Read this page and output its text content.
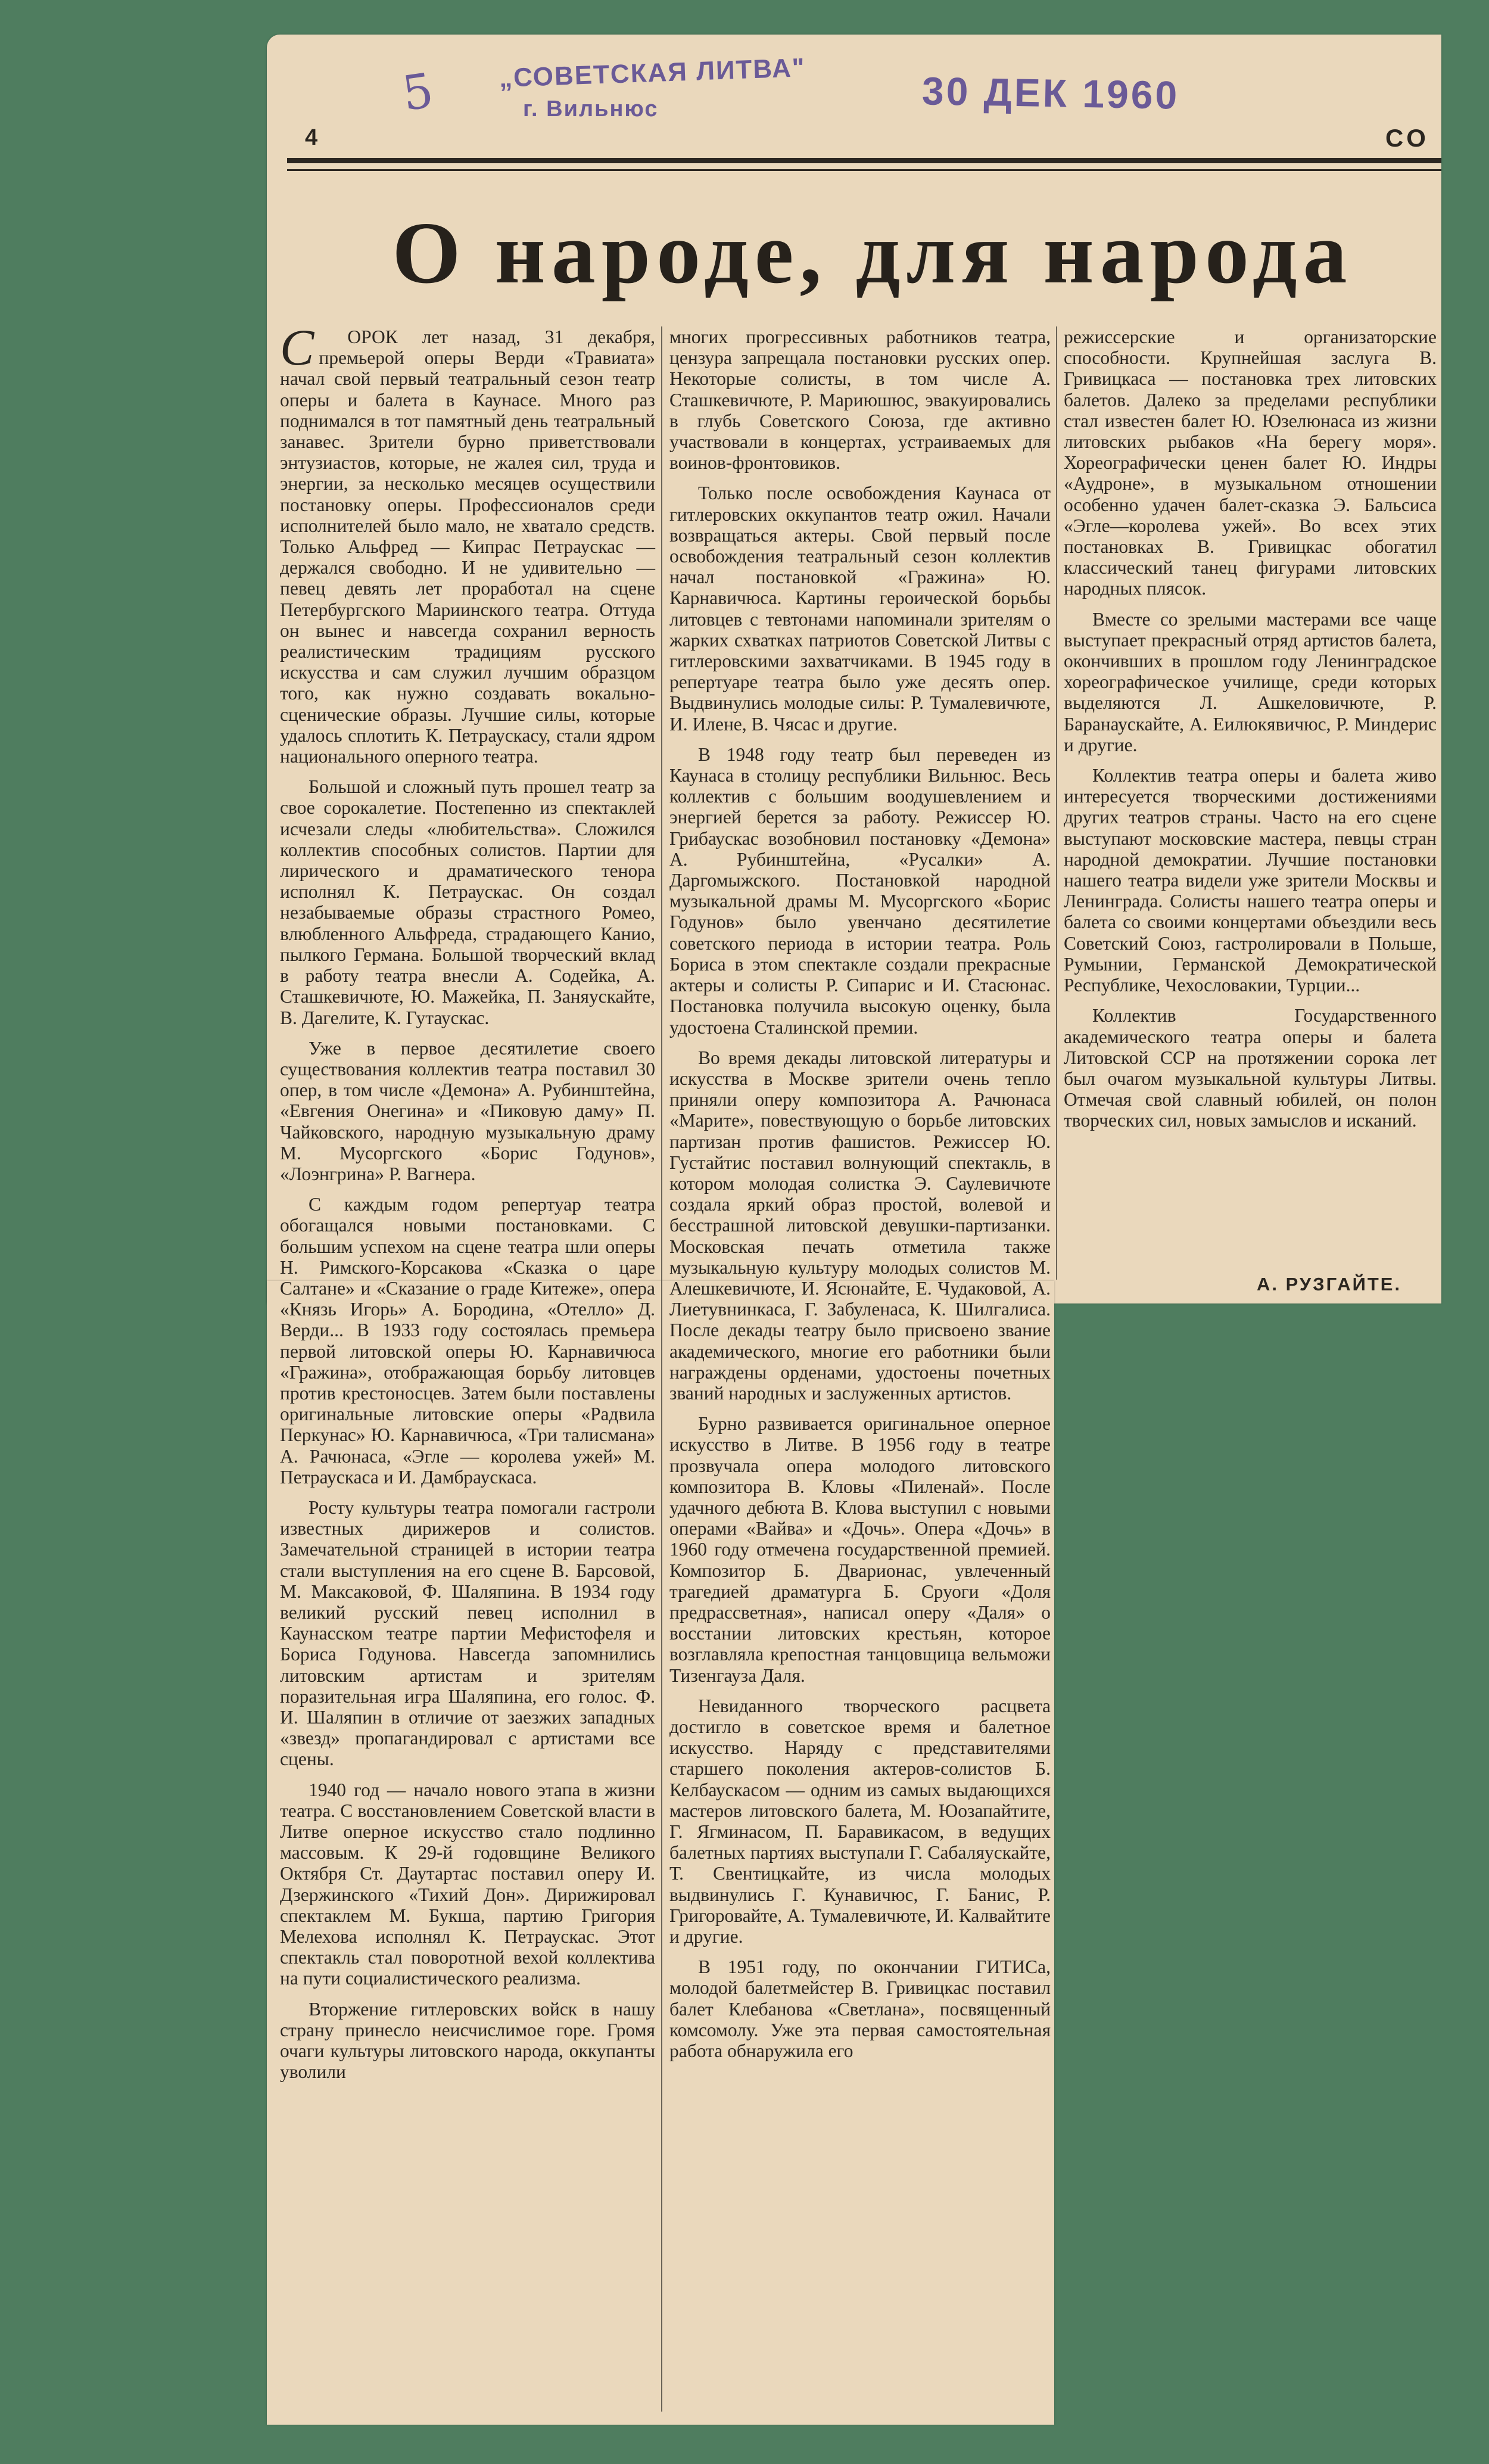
5 „СОВЕТСКАЯ ЛИТВА"
г. Вильнюс	30 ДЕК 1960
4	СО
О народе, для народа

С ОРОК лет назад, 31 декабря, премьерой оперы Верди «Травиата» начал свой первый театральный сезон театр оперы и балета в Каунасе. Много раз поднимался в тот памятный день театральный занавес. Зрители бурно приветствовали энтузиастов, которые, не жалея сил, труда и энергии, за несколько месяцев осуществили постановку оперы. Профессионалов среди исполнителей было мало, не хватало средств. Только Альфред — Кипрас Петраускас — держался свободно. И не удивительно — певец девять лет проработал на сцене Петербургского Мариинского театра. Оттуда он вынес и навсегда сохранил верность реалистическим традициям русского искусства и сам служил лучшим образцом того, как нужно создавать вокально-сценические образы. Лучшие силы, которые удалось сплотить К. Петраускасу, стали ядром национального оперного театра.

Большой и сложный путь прошел театр за свое сорокалетие. Постепенно из спектаклей исчезали следы «любительства». Сложился коллектив способных солистов. Партии для лирического и драматического тенора исполнял К. Петраускас. Он создал незабываемые образы страстного Ромео, влюбленного Альфреда, страдающего Канио, пылкого Германа. Большой творческий вклад в работу театра внесли А. Содейка, А. Сташкевичюте, Ю. Мажейка, П. Заняускайте, В. Дагелите, К. Гутаускас.

Уже в первое десятилетие своего существования коллектив театра поставил 30 опер, в том числе «Демона» А. Рубинштейна, «Евгения Онегина» и «Пиковую даму» П. Чайковского, народную музыкальную драму М. Мусоргского «Борис Годунов», «Лоэнгрина» Р. Вагнера.

С каждым годом репертуар театра обогащался новыми постановками. С большим успехом на сцене театра шли оперы Н. Римского-Корсакова «Сказка о царе Салтане» и «Сказание о граде Китеже», опера «Князь Игорь» А. Бородина, «Отелло» Д. Верди... В 1933 году состоялась премьера первой литовской оперы Ю. Карнавичюса «Гражина», отображающая борьбу литовцев против крестоносцев. Затем были поставлены оригинальные литовские оперы «Радвила Перкунас» Ю. Карнавичюса, «Три талисмана» А. Рачюнаса, «Эгле — королева ужей» М. Петраускаса и И. Дамбраускаса.

Росту культуры театра помогали гастроли известных дирижеров и солистов. Замечательной страницей в истории театра стали выступления на его сцене В. Барсовой, М. Максаковой, Ф. Шаляпина. В 1934 году великий русский певец исполнил в Каунасском театре партии Мефистофеля и Бориса Годунова. Навсегда запомнились литовским артистам и зрителям поразительная игра Шаляпина, его голос. Ф. И. Шаляпин в отличие от заезжих западных «звезд» пропагандировал с артистами все сцены.

1940 год — начало нового этапа в жизни театра. С восстановлением Советской власти в Литве оперное искусство стало подлинно массовым. К 29-й годовщине Великого Октября Ст. Даутартас поставил оперу И. Дзержинского «Тихий Дон». Дирижировал спектаклем М. Букша, партию Григория Мелехова исполнял К. Петраускас. Этот спектакль стал поворотной вехой коллектива на пути социалистического реализма.

Вторжение гитлеровских войск в нашу страну принесло неисчислимое горе. Громя очаги культуры литовского народа, оккупанты уволили

многих прогрессивных работников театра, цензура запрещала постановки русских опер. Некоторые солисты, в том числе А. Сташкевичюте, Р. Мариюшюс, эвакуировались в глубь Советского Союза, где активно участвовали в концертах, устраиваемых для воинов-фронтовиков.

Только после освобождения Каунаса от гитлеровских оккупантов театр ожил. Начали возвращаться актеры. Свой первый после освобождения театральный сезон коллектив начал постановкой «Гражина» Ю. Карнавичюса. Картины героической борьбы литовцев с тевтонами напоминали зрителям о жарких схватках патриотов Советской Литвы с гитлеровскими захватчиками. В 1945 году в репертуаре театра было уже десять опер. Выдвинулись молодые силы: Р. Тумалевичюте, И. Илене, В. Чясас и другие.

В 1948 году театр был переведен из Каунаса в столицу республики Вильнюс. Весь коллектив с большим воодушевлением и энергией берется за работу. Режиссер Ю. Грибаускас возобновил постановку «Демона» А. Рубинштейна, «Русалки» А. Даргомыжского. Постановкой народной музыкальной драмы М. Мусоргского «Борис Годунов» было увенчано десятилетие советского периода в истории театра. Роль Бориса в этом спектакле создали прекрасные актеры и солисты Р. Сипарис и И. Стасюнас. Постановка получила высокую оценку, была удостоена Сталинской премии.

Во время декады литовской литературы и искусства в Москве зрители очень тепло приняли оперу композитора А. Рачюнаса «Марите», повествующую о борьбе литовских партизан против фашистов. Режиссер Ю. Густайтис поставил волнующий спектакль, в котором молодая солистка Э. Саулевичюте создала яркий образ простой, волевой и бесстрашной литовской девушки-партизанки. Московская печать отметила также музыкальную культуру молодых солистов М. Алешкевичюте, И. Ясюнайте, Е. Чудаковой, А. Лиетувнинкаса, Г. Забуленаса, К. Шилгалиса. После декады театру было присвоено звание академического, многие его работники были награждены орденами, удостоены почетных званий народных и заслуженных артистов.

Бурно развивается оригинальное оперное искусство в Литве. В 1956 году в театре прозвучала опера молодого литовского композитора В. Кловы «Пиленай». После удачного дебюта В. Клова выступил с новыми операми «Вайва» и «Дочь». Опера «Дочь» в 1960 году отмечена государственной премией. Композитор Б. Дварионас, увлеченный трагедией драматурга Б. Сруоги «Доля предрассветная», написал оперу «Даля» о восстании литовских крестьян, которое возглавляла крепостная танцовщица вельможи Тизенгауза Даля.

Невиданного творческого расцвета достигло в советское время и балетное искусство. Наряду с представителями старшего поколения актеров-солистов Б. Келбаускасом — одним из самых выдающихся мастеров литовского балета, М. Юозапайтите, Г. Ягминасом, П. Баравикасом, в ведущих балетных партиях выступали Г. Сабаляускайте, Т. Свентицкайте, из числа молодых выдвинулись Г. Кунавичюс, Г. Банис, Р. Григоровайте, А. Тумалевичюте, И. Калвайтите и другие.

В 1951 году, по окончании ГИТИСа, молодой балетмейстер В. Гривицкас поставил балет Клебанова «Светлана», посвященный комсомолу. Уже эта первая самостоятельная работа обнаружила его

режиссерские и организаторские способности. Крупнейшая заслуга В. Гривицкаса — постановка трех литовских балетов. Далеко за пределами республики стал известен балет Ю. Юзелюнаса из жизни литовских рыбаков «На берегу моря». Хореографически ценен балет Ю. Индры «Аудроне», в музыкальном отношении особенно удачен балет-сказка Э. Бальсиса «Эгле—королева ужей». Во всех этих постановках В. Гривицкас обогатил классический танец фигурами литовских народных плясок.

Вместе со зрелыми мастерами все чаще выступает прекрасный отряд артистов балета, окончивших в прошлом году Ленинградское хореографическое училище, среди которых выделяются Л. Ашкеловичюте, Р. Баранаускайте, А. Eилюкявичюс, Р. Миндерис и другие.

Коллектив театра оперы и балета живо интересуется творческими достижениями других театров страны. Часто на его сцене выступают московские мастера, певцы стран народной демократии. Лучшие постановки нашего театра видели уже зрители Москвы и Ленинграда. Солисты нашего театра оперы и балета со своими концертами объездили весь Советский Союз, гастролировали в Польше, Румынии, Германской Демократической Республике, Чехословакии, Турции...

Коллектив Государственного академического театра оперы и балета Литовской ССР на протяжении сорока лет был очагом музыкальной культуры Литвы. Отмечая свой славный юбилей, он полон творческих сил, новых замыслов и исканий.

А. РУЗГАЙТЕ.
